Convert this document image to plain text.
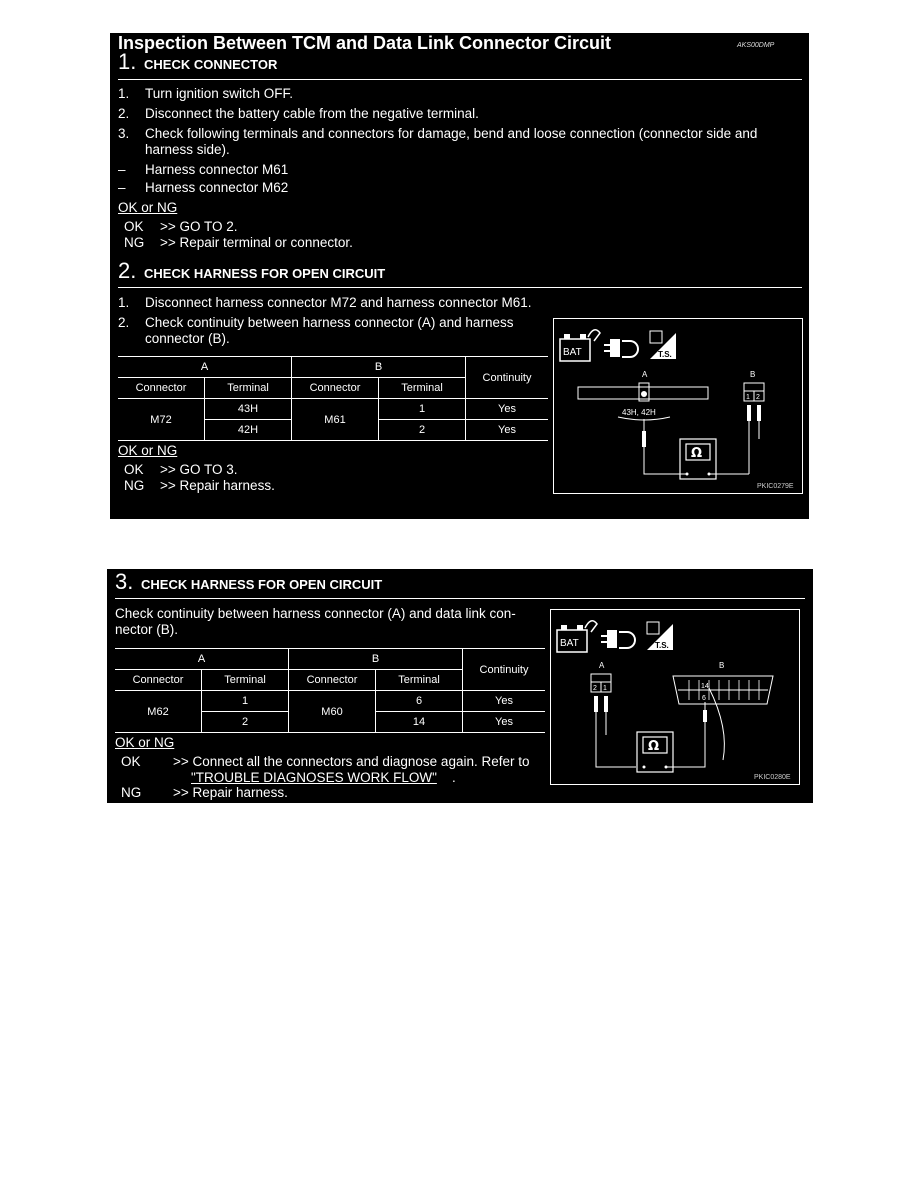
Inspection Between TCM and Data Link Connector Circuit	AKS00DMP
1. CHECK CONNECTOR
1. Turn ignition switch OFF.
2. Disconnect the battery cable from the negative terminal.
3. Check following terminals and connectors for damage, bend and loose connection (connector side and
harness side).
– Harness connector M61
– Harness connector M62
OK or NG
OK >> GO TO 2.
NG >> Repair terminal or connector.
2. CHECK HARNESS FOR OPEN CIRCUIT
1. Disconnect harness connector M72 and harness connector M61.
2. Check continuity between harness connector (A) and harness
connector (B).
A		B		Continuity
Connector	Terminal	Connector	Terminal	
M72	43H	M61	1	Yes
	42H		2	Yes
OK or NG
OK >> GO TO 3.
NG >> Repair harness.
BAT	T.S.
A
43H, 42H
B
1 2
Ω
PKIC0279E
3. CHECK HARNESS FOR OPEN CIRCUIT
Check continuity between harness connector (A) and data link con-
nector (B).
A		B		Continuity
Connector	Terminal	Connector	Terminal	
M62	1	M60	6	Yes
	2		14	Yes
OK or NG
OK >> Connect all the connectors and diagnose again. Refer to
"TROUBLE DIAGNOSES WORK FLOW" .
NG >> Repair harness.
BAT	T.S.
A
2 1
B
14
6
Ω
PKIC0280E
